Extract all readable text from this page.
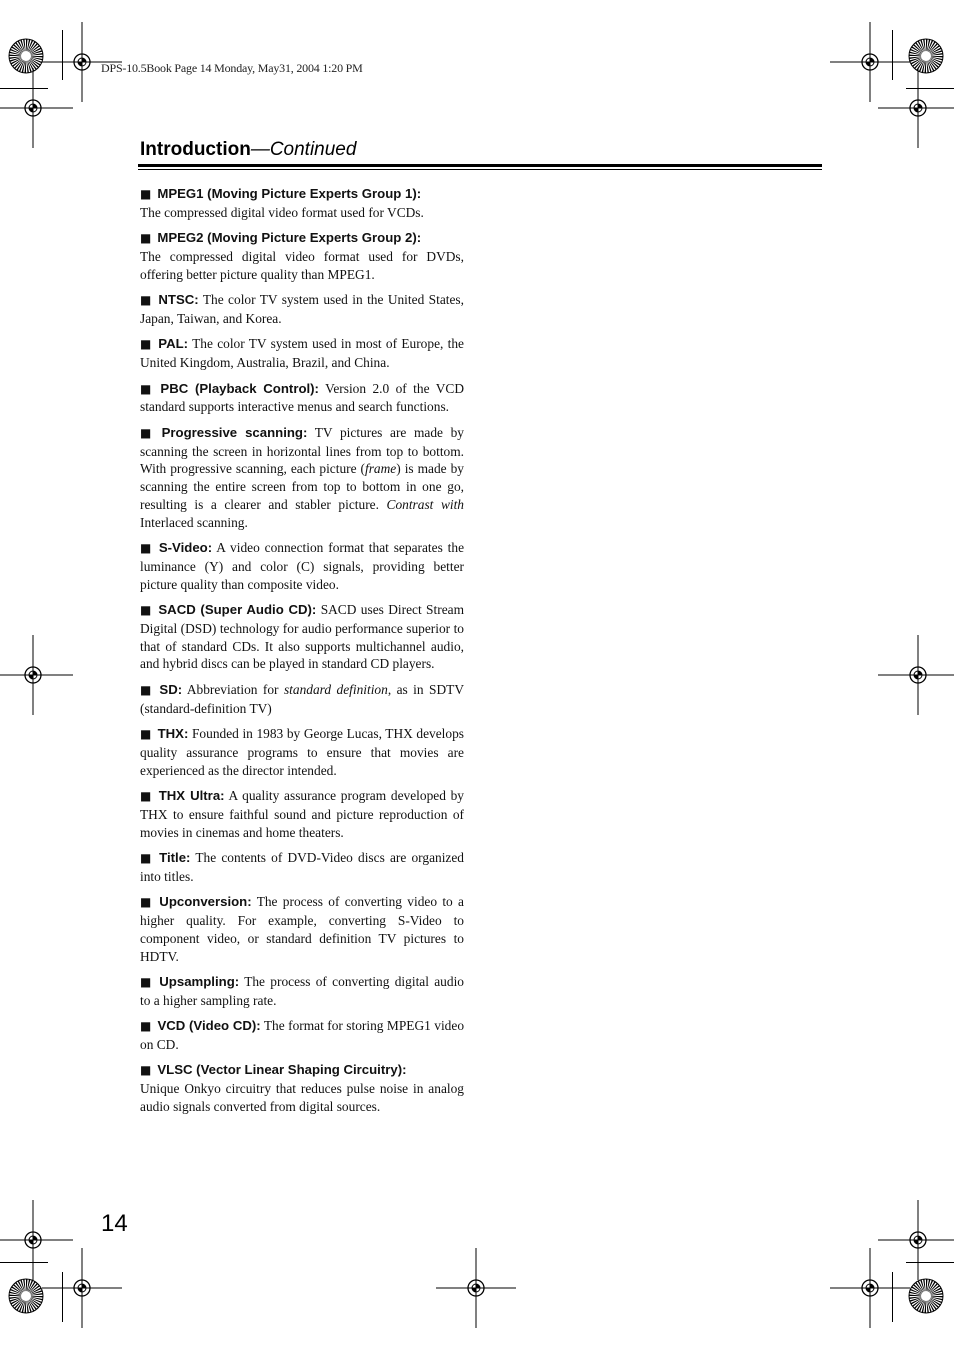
DPS-10.5Book Page 14 Monday, May31, 2004 1:20 PM
Introduction—Continued
■ MPEG1 (Moving Picture Experts Group 1):
The compressed digital video format used for VCDs.
■ MPEG2 (Moving Picture Experts Group 2):
The compressed digital video format used for DVDs, offering better picture quality than MPEG1.
■ NTSC: The color TV system used in the United States, Japan, Taiwan, and Korea.
■ PAL: The color TV system used in most of Europe, the United Kingdom, Australia, Brazil, and China.
■ PBC (Playback Control): Version 2.0 of the VCD standard supports interactive menus and search functions.
■ Progressive scanning: TV pictures are made by scanning the screen in horizontal lines from top to bottom. With progressive scanning, each picture (frame) is made by scanning the entire screen from top to bottom in one go, resulting is a clearer and stabler picture. Contrast with Interlaced scanning.
■ S-Video: A video connection format that separates the luminance (Y) and color (C) signals, providing better picture quality than composite video.
■ SACD (Super Audio CD): SACD uses Direct Stream Digital (DSD) technology for audio performance superior to that of standard CDs. It also supports multichannel audio, and hybrid discs can be played in standard CD players.
■ SD: Abbreviation for standard definition, as in SDTV (standard-definition TV)
■ THX: Founded in 1983 by George Lucas, THX develops quality assurance programs to ensure that movies are experienced as the director intended.
■ THX Ultra: A quality assurance program developed by THX to ensure faithful sound and picture reproduction of movies in cinemas and home theaters.
■ Title: The contents of DVD-Video discs are organized into titles.
■ Upconversion: The process of converting video to a higher quality. For example, converting S-Video to component video, or standard definition TV pictures to HDTV.
■ Upsampling: The process of converting digital audio to a higher sampling rate.
■ VCD (Video CD): The format for storing MPEG1 video on CD.
■ VLSC (Vector Linear Shaping Circuitry):
Unique Onkyo circuitry that reduces pulse noise in analog audio signals converted from digital sources.
14
